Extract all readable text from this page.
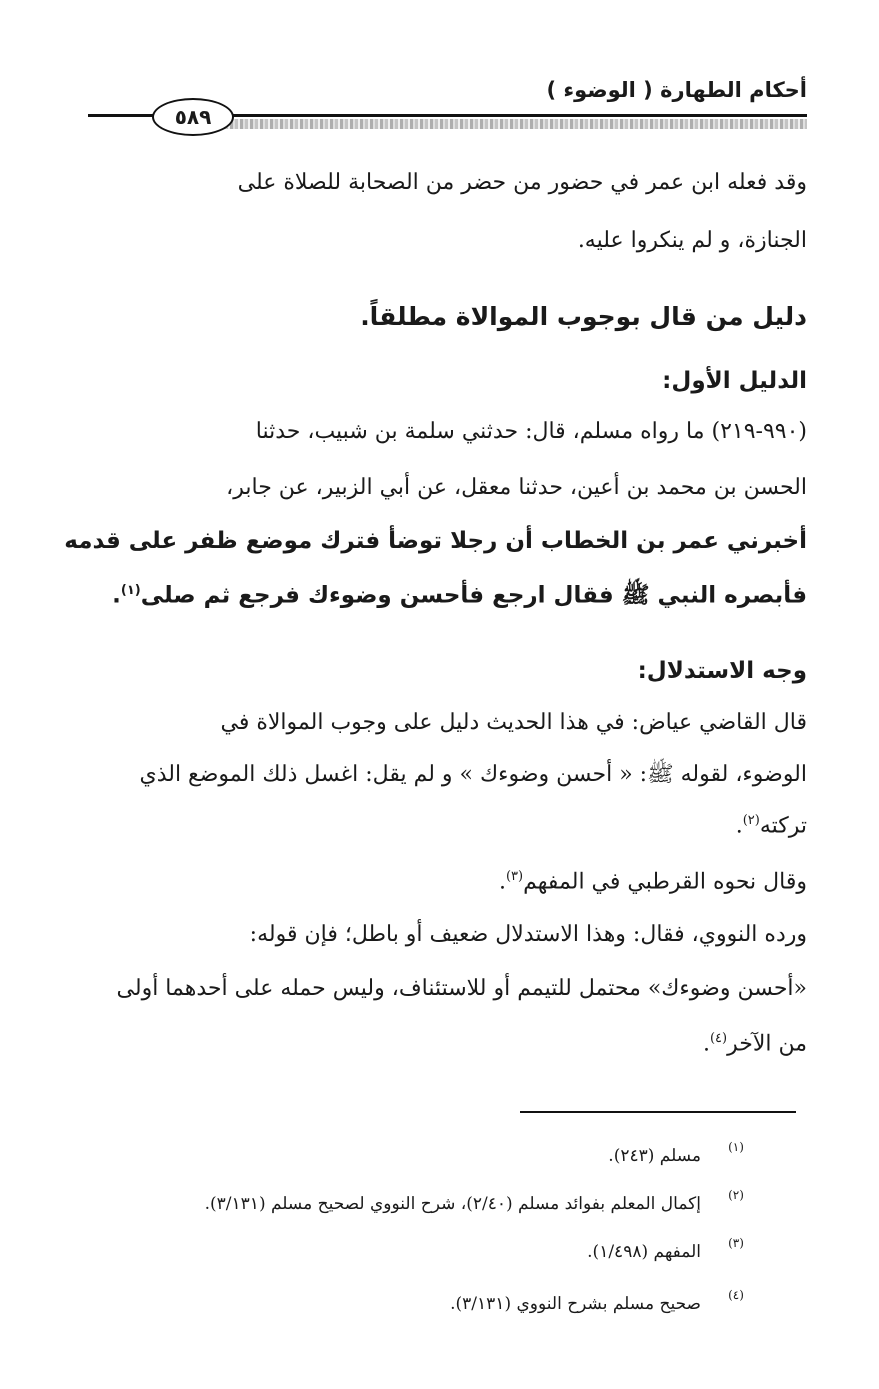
أحكام الطهارة ( الوضوء )
٥٨٩
وقد فعله ابن عمر في حضور من حضر من الصحابة للصلاة على
الجنازة، و لم ينكروا عليه.
دليل من قال بوجوب الموالاة مطلقاً.
الدليل الأول:
(٩٩٠-٢١٩) ما رواه مسلم، قال: حدثني سلمة بن شبيب، حدثنا
الحسن بن محمد بن أعين، حدثنا معقل، عن أبي الزبير، عن جابر،
أخبرني عمر بن الخطاب أن رجلا توضأ فترك موضع ظفر على قدمه
فأبصره النبي ﷺ فقال ارجع فأحسن وضوءك فرجع ثم صلى$^{(١)}$.
وجه الاستدلال:
قال القاضي عياض: في هذا الحديث دليل على وجوب الموالاة في
الوضوء، لقوله ﷺ: « أحسن وضوءك » و لم يقل: اغسل ذلك الموضع الذي
تركته$^{(٢)}$.
وقال نحوه القرطبي في المفهم$^{(٣)}$.
ورده النووي، فقال: وهذا الاستدلال ضعيف أو باطل؛ فإن قوله:
«أحسن وضوءك» محتمل للتيمم أو للاستئناف، وليس حمله على أحدهما أولى
من الآخر$^{(٤)}$.
(١)
مسلم (٢٤٣).
(٢)
إكمال المعلم بفوائد مسلم (٢/٤٠)، شرح النووي لصحيح مسلم (٣/١٣١).
(٣)
المفهم (١/٤٩٨).
(٤)
صحيح مسلم بشرح النووي (٣/١٣١).
